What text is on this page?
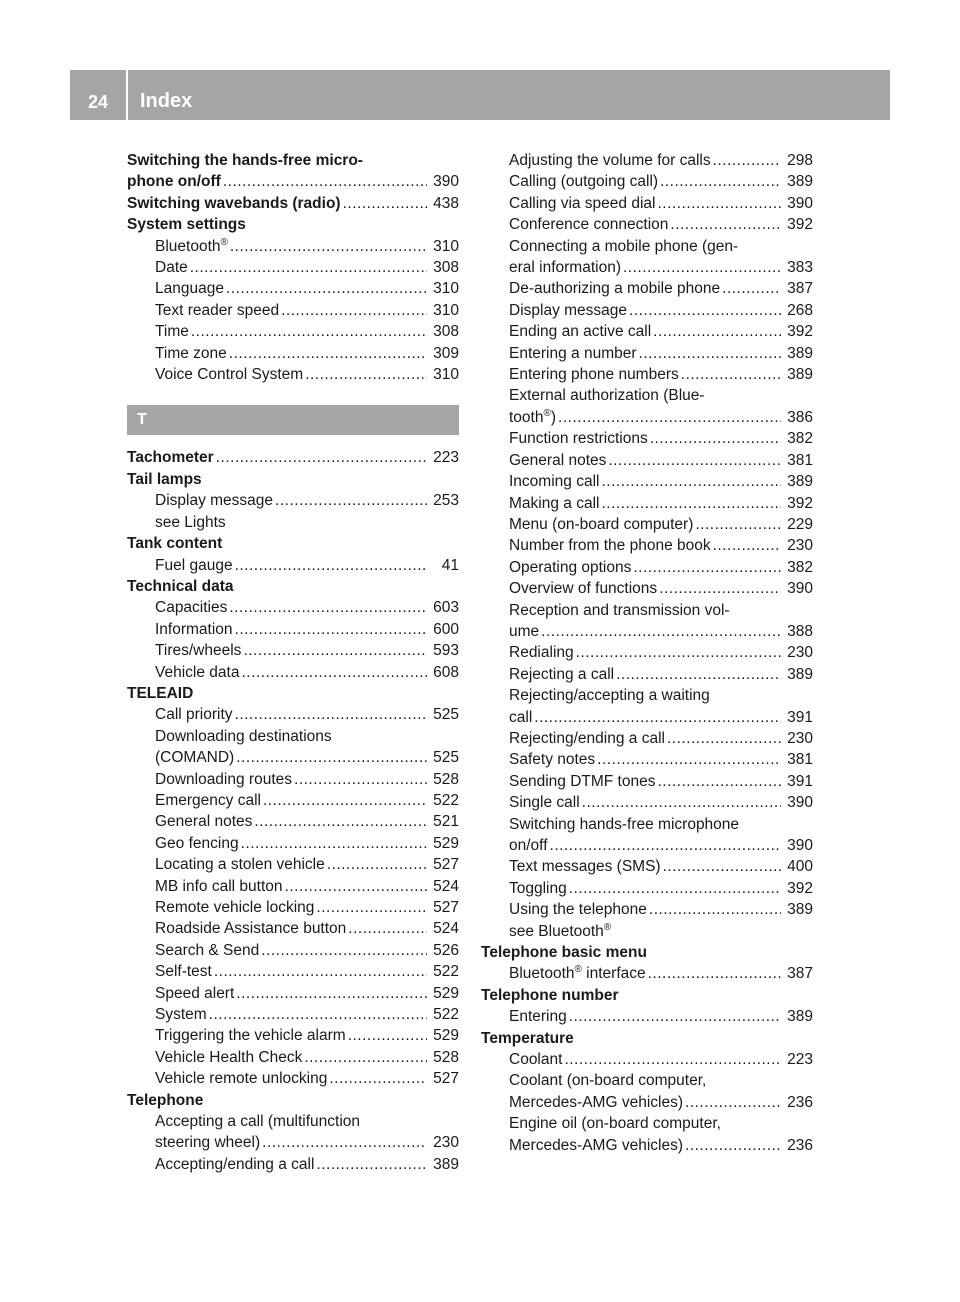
24	Index
Switching the hands-free micro-
phone on/off .....	390
Switching wavebands (radio) .....	438
System settings
Bluetooth® .....	310
Date .....	308
Language .....	310
Text reader speed .....	310
Time .....	308
Time zone .....	309
Voice Control System .....	310
T
Tachometer .....	223
Tail lamps
Display message .....	253
see Lights
Tank content
Fuel gauge .....	41
Technical data
Capacities .....	603
Information .....	600
Tires/wheels .....	593
Vehicle data .....	608
TELEAID
Call priority .....	525
Downloading destinations
(COMAND) .....	525
Downloading routes .....	528
Emergency call .....	522
General notes .....	521
Geo fencing .....	529
Locating a stolen vehicle .....	527
MB info call button .....	524
Remote vehicle locking .....	527
Roadside Assistance button .....	524
Search & Send .....	526
Self-test .....	522
Speed alert .....	529
System .....	522
Triggering the vehicle alarm .....	529
Vehicle Health Check .....	528
Vehicle remote unlocking .....	527
Telephone
Accepting a call (multifunction
steering wheel) .....	230
Accepting/ending a call .....	389
Adjusting the volume for calls .....	298
Calling (outgoing call) .....	389
Calling via speed dial .....	390
Conference connection .....	392
Connecting a mobile phone (gen-
eral information) .....	383
De-authorizing a mobile phone .....	387
Display message .....	268
Ending an active call .....	392
Entering a number .....	389
Entering phone numbers .....	389
External authorization (Blue-
tooth®) .....	386
Function restrictions .....	382
General notes .....	381
Incoming call .....	389
Making a call .....	392
Menu (on-board computer) .....	229
Number from the phone book .....	230
Operating options .....	382
Overview of functions .....	390
Reception and transmission vol-
ume .....	388
Redialing .....	230
Rejecting a call .....	389
Rejecting/accepting a waiting
call .....	391
Rejecting/ending a call .....	230
Safety notes .....	381
Sending DTMF tones .....	391
Single call .....	390
Switching hands-free microphone
on/off .....	390
Text messages (SMS) .....	400
Toggling .....	392
Using the telephone .....	389
see Bluetooth®
Telephone basic menu
Bluetooth® interface .....	387
Telephone number
Entering .....	389
Temperature
Coolant .....	223
Coolant (on-board computer,
Mercedes-AMG vehicles) .....	236
Engine oil (on-board computer,
Mercedes-AMG vehicles) .....	236
